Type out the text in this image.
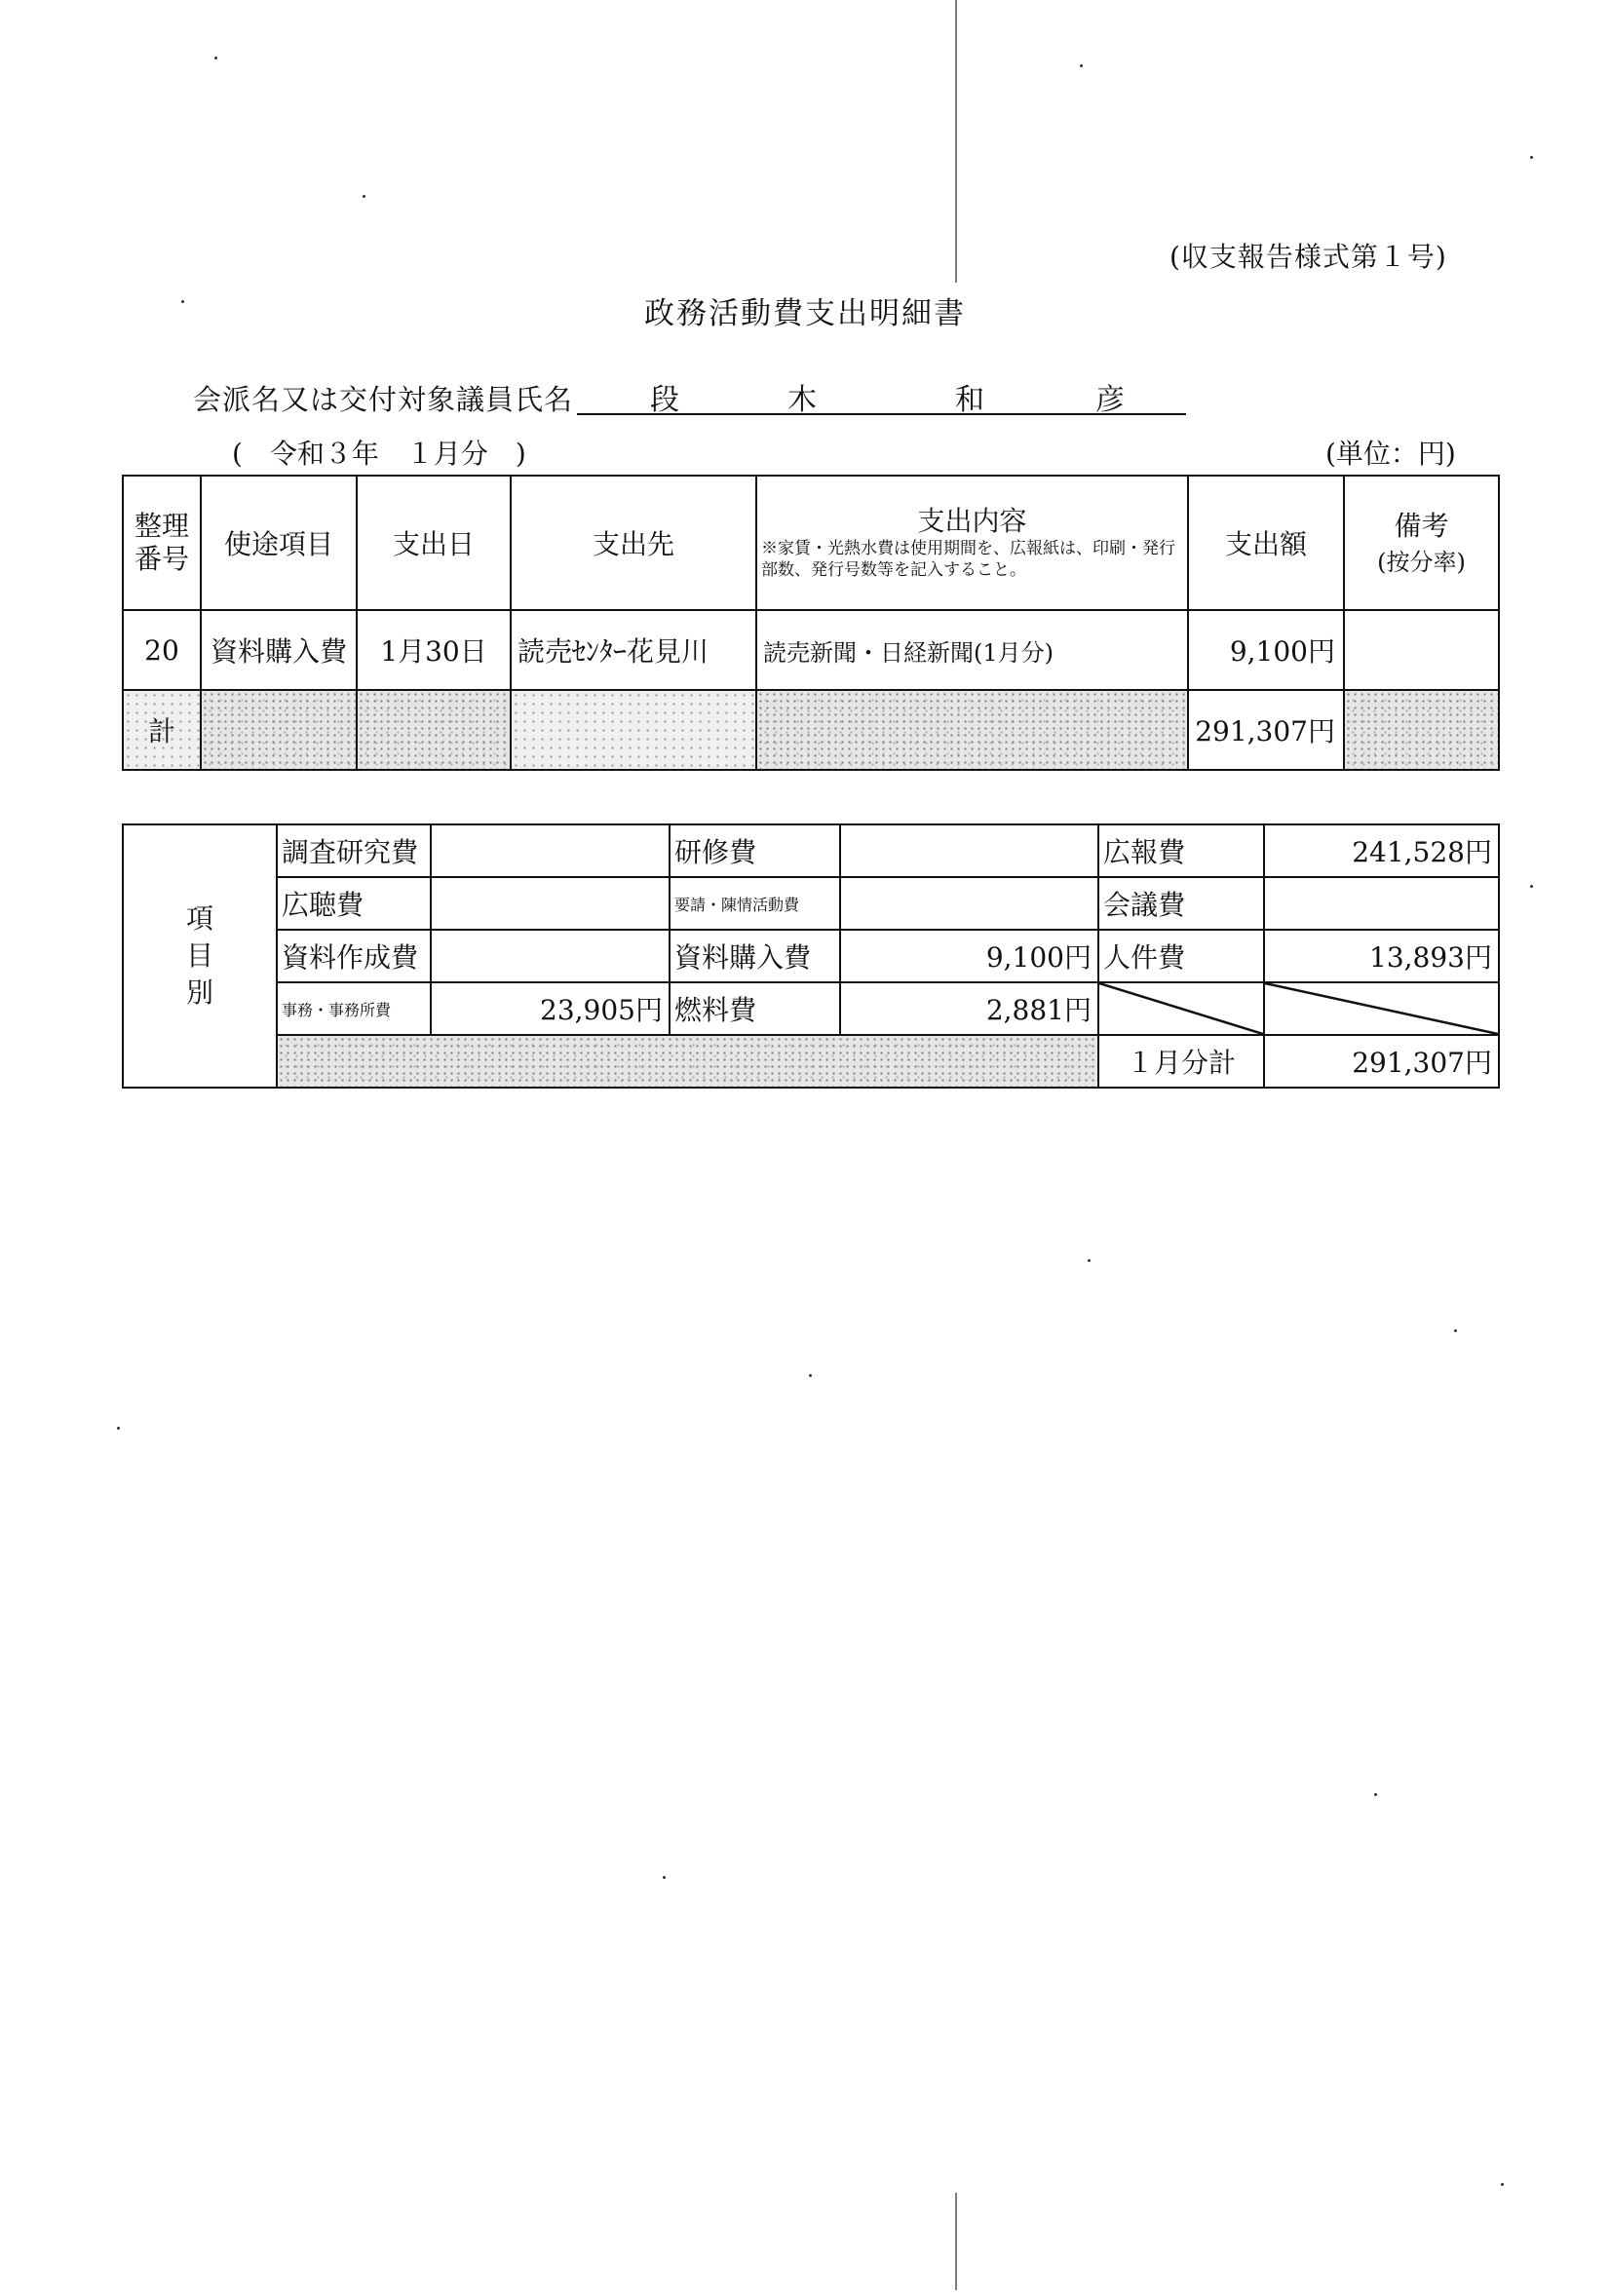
(収支報告様式第１号)
政務活動費支出明細書
会派名又は交付対象議員氏名	段	木	和	彦
(　令和３年　１月分　)	(単位：円)
整理番号	使途項目	支出日	支出先	支出内容
※家賃・光熱水費は使用期間を、広報紙は、印刷・発行部数、発行号数等を記入すること。	支出額	備考
(按分率)

20	資料購入費	1月30日	読売ｾﾝﾀｰ花見川	読売新聞・日経新聞(1月分)	9,100円	
計					291,307円	
項
目
別	調査研究費		研修費		広報費	241,528円
	広聴費		要請・陳情活動費		会議費	
	資料作成費		資料購入費	9,100円	人件費	13,893円
	事務・事務所費	23,905円	燃料費	2,881円		
					１月分計	291,307円
